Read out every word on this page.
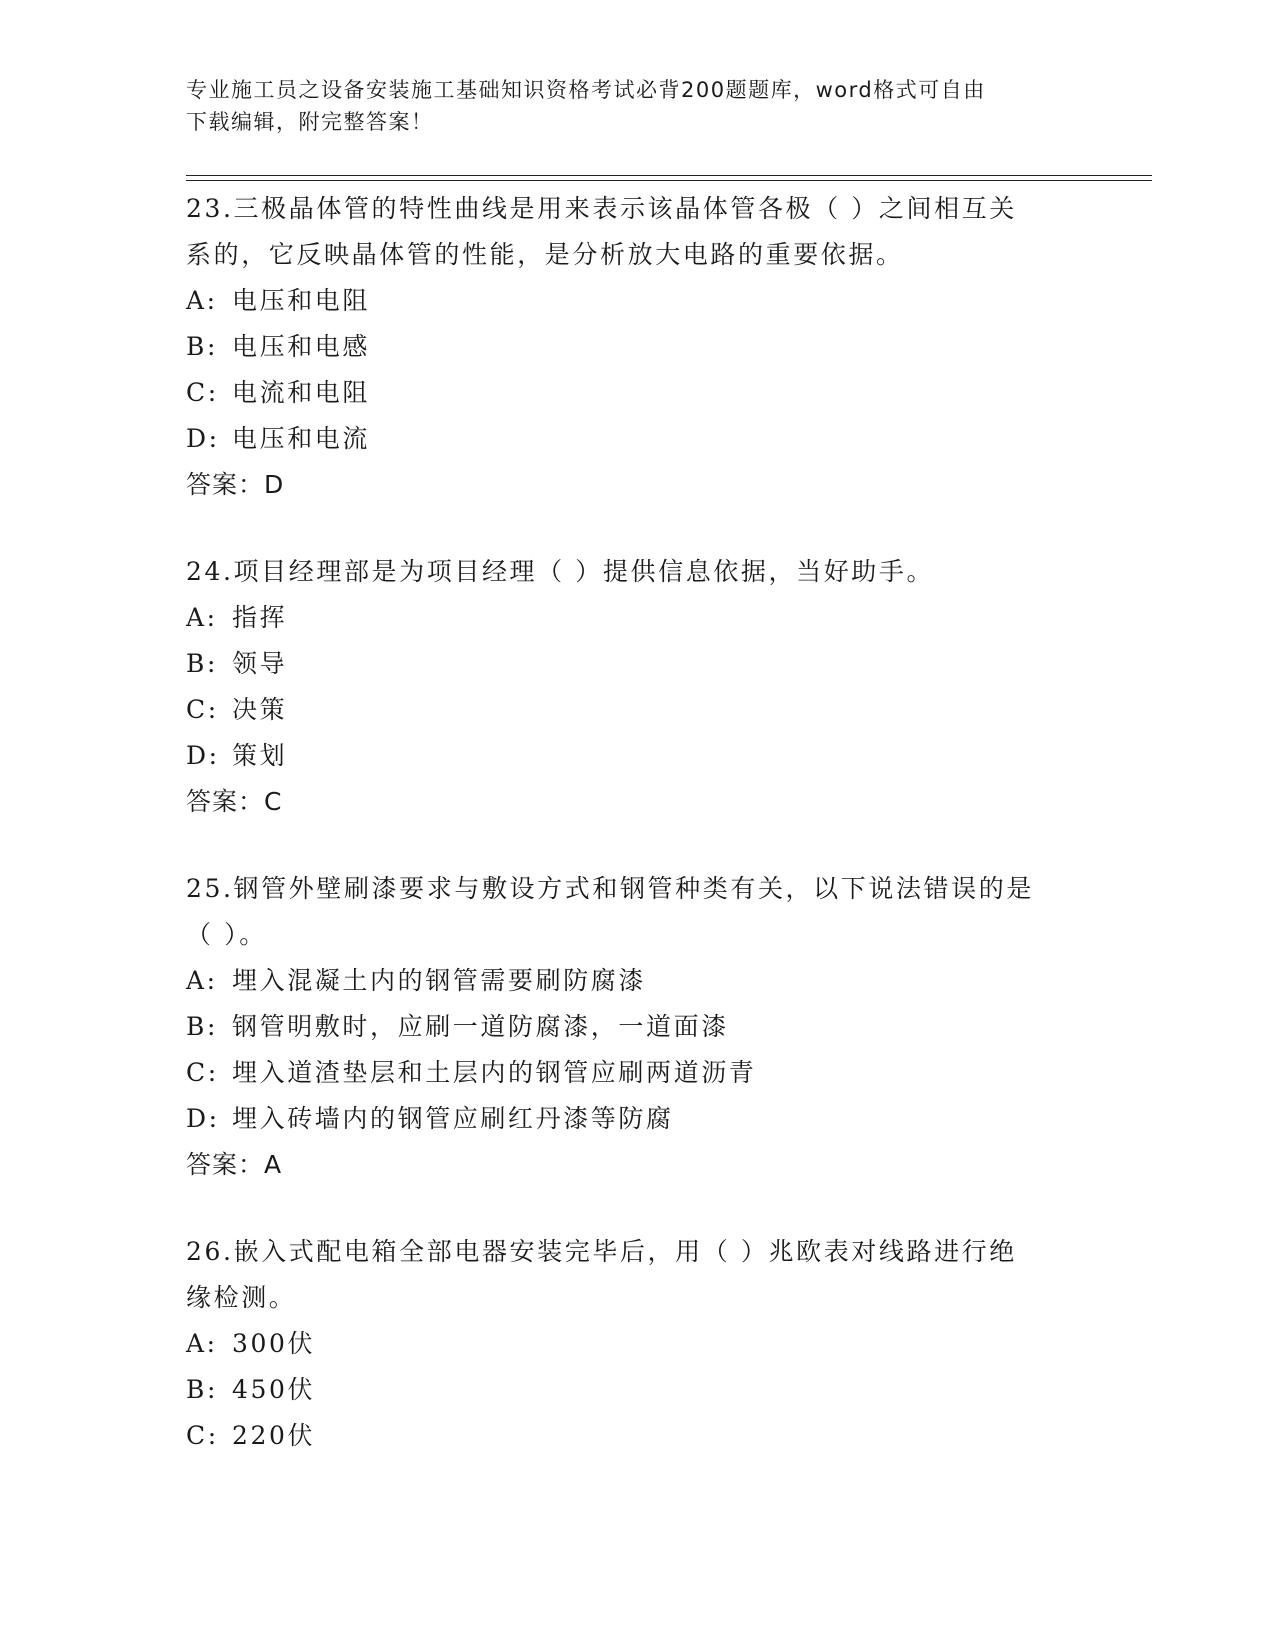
专业施工员之设备安装施工基础知识资格考试必背200题题库，word格式可自由
下载编辑，附完整答案！

23.三极晶体管的特性曲线是用来表示该晶体管各极（ ）之间相互关

系的，它反映晶体管的性能，是分析放大电路的重要依据。

A: 电压和电阻

B: 电压和电感

C: 电流和电阻

D: 电压和电流

答案：D

24.项目经理部是为项目经理（ ）提供信息依据，当好助手。

A: 指挥

B: 领导

C: 决策

D: 策划

答案：C

25.钢管外壁刷漆要求与敷设方式和钢管种类有关，以下说法错误的是

（ ）。

A: 埋入混凝土内的钢管需要刷防腐漆

B: 钢管明敷时，应刷一道防腐漆，一道面漆

C: 埋入道渣垫层和土层内的钢管应刷两道沥青

D: 埋入砖墙内的钢管应刷红丹漆等防腐

答案：A

26.嵌入式配电箱全部电器安装完毕后，用（ ）兆欧表对线路进行绝

缘检测。

A: 300伏

B: 450伏

C: 220伏
